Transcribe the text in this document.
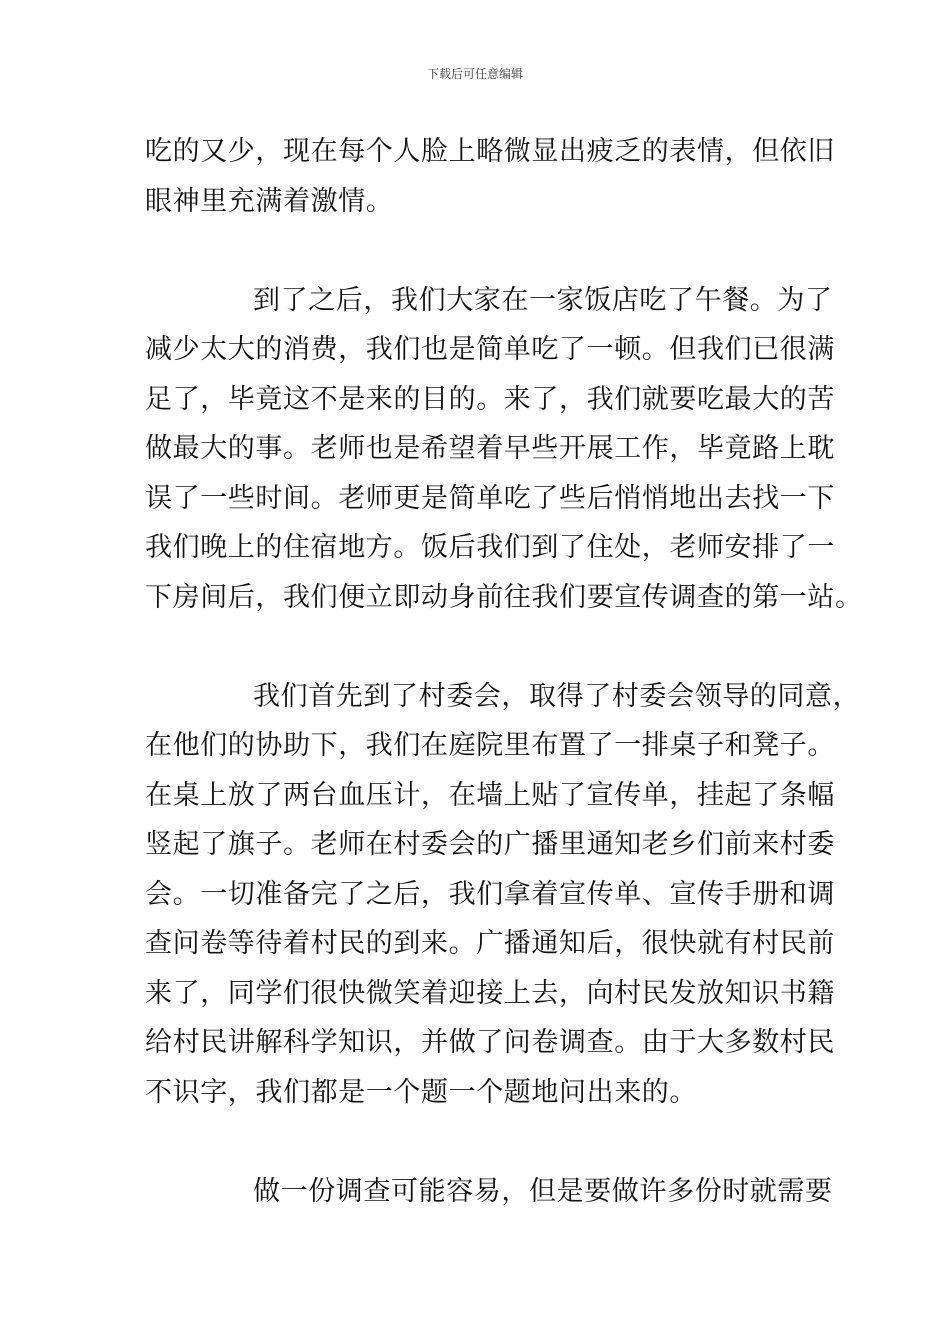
下载后可任意编辑
吃的又少，现在每个人脸上略微显出疲乏的表情，但依旧
眼神里充满着激情。
到了之后，我们大家在一家饭店吃了午餐。为了
减少太大的消费，我们也是简单吃了一顿。但我们已很满
足了，毕竟这不是来的目的。来了，我们就要吃最大的苦
做最大的事。老师也是希望着早些开展工作，毕竟路上耽
误了一些时间。老师更是简单吃了些后悄悄地出去找一下
我们晚上的住宿地方。饭后我们到了住处，老师安排了一
下房间后，我们便立即动身前往我们要宣传调查的第一站。
我们首先到了村委会，取得了村委会领导的同意，
在他们的协助下，我们在庭院里布置了一排桌子和凳子。
在桌上放了两台血压计，在墙上贴了宣传单，挂起了条幅
竖起了旗子。老师在村委会的广播里通知老乡们前来村委
会。一切准备完了之后，我们拿着宣传单、宣传手册和调
查问卷等待着村民的到来。广播通知后，很快就有村民前
来了，同学们很快微笑着迎接上去，向村民发放知识书籍
给村民讲解科学知识，并做了问卷调查。由于大多数村民
不识字，我们都是一个题一个题地问出来的。
做一份调查可能容易，但是要做许多份时就需要
